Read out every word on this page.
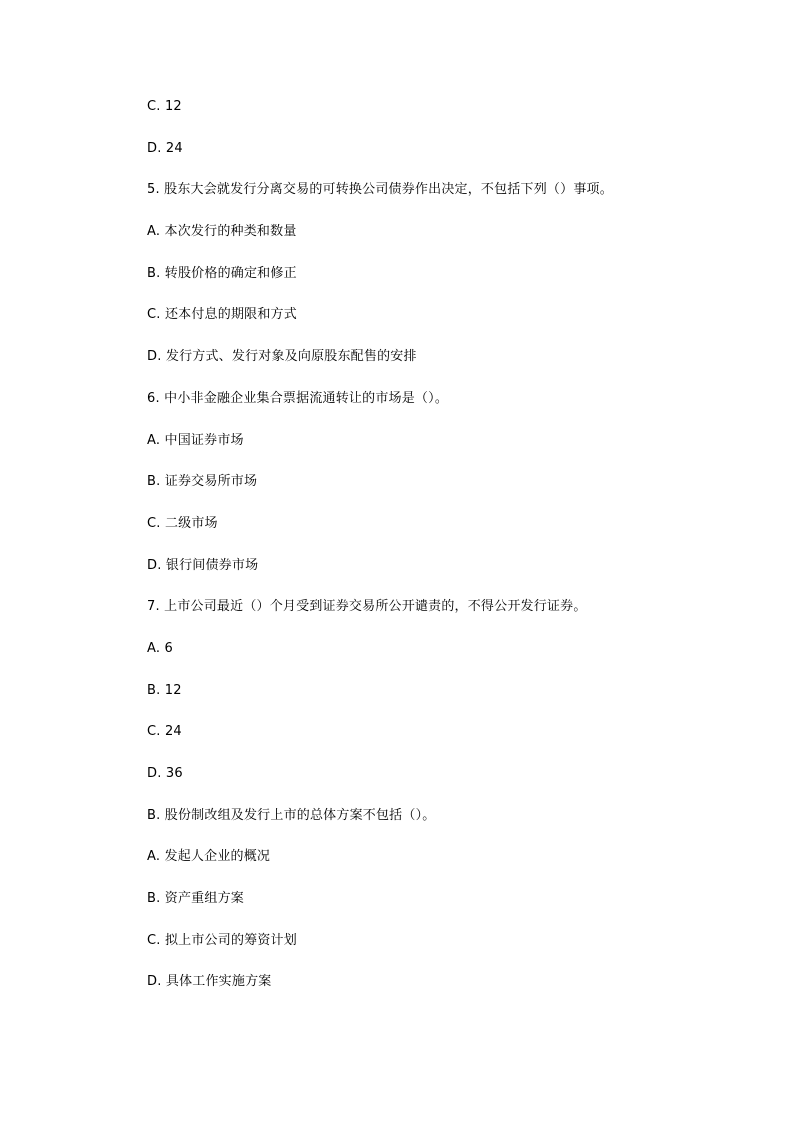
C. 12
D. 24
5. 股东大会就发行分离交易的可转换公司债券作出决定，不包括下列（）事项。
A. 本次发行的种类和数量
B. 转股价格的确定和修正
C. 还本付息的期限和方式
D. 发行方式、发行对象及向原股东配售的安排
6. 中小非金融企业集合票据流通转让的市场是（）。
A. 中国证券市场
B. 证券交易所市场
C. 二级市场
D. 银行间债券市场
7. 上市公司最近（）个月受到证券交易所公开谴责的，不得公开发行证券。
A. 6
B. 12
C. 24
D. 36
B. 股份制改组及发行上市的总体方案不包括（）。
A. 发起人企业的概况
B. 资产重组方案
C. 拟上市公司的筹资计划
D. 具体工作实施方案
